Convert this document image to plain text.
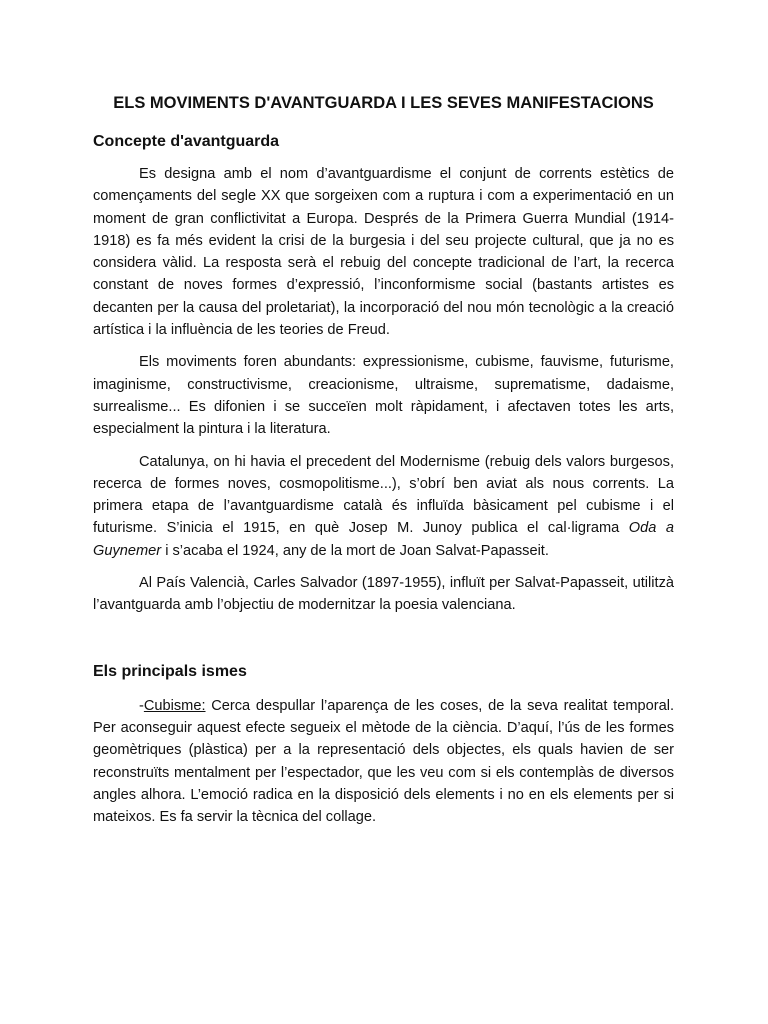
ELS MOVIMENTS D'AVANTGUARDA I LES SEVES MANIFESTACIONS
Concepte d'avantguarda

Es designa amb el nom d’avantguardisme el conjunt de corrents estètics de començaments del segle XX que sorgeixen com a ruptura i com a experimentació en un moment de gran conflictivitat a Europa. Després de la Primera Guerra Mundial (1914-1918) es fa més evident la crisi de la burgesia i del seu projecte cultural, que ja no es considera vàlid. La resposta serà el rebuig del concepte tradicional de l’art, la recerca constant de noves formes d’expressió, l’inconformisme social (bastants artistes es decanten per la causa del proletariat), la incorporació del nou món tecnològic a la creació artística i la influència de les teories de Freud.

Els moviments foren abundants: expressionisme, cubisme, fauvisme, futurisme, imaginisme, constructivisme, creacionisme, ultraisme, suprematisme, dadaisme, surrealisme... Es difonien i se succeïen molt ràpidament, i afectaven totes les arts, especialment la pintura i la literatura.

Catalunya, on hi havia el precedent del Modernisme (rebuig dels valors burgesos, recerca de formes noves, cosmopolitisme...), s’obrí ben aviat als nous corrents. La primera etapa de l’avantguardisme català és influïda bàsicament pel cubisme i el futurisme. S’inicia el 1915, en què Josep M. Junoy publica el cal·ligrama Oda a Guynemer i s’acaba el 1924, any de la mort de Joan Salvat-Papasseit.

Al País Valencià, Carles Salvador (1897-1955), influït per Salvat-Papasseit, utilitzà l’avantguarda amb l’objectiu de modernitzar la poesia valenciana.

Els principals ismes

-Cubisme: Cerca despullar l’aparença de les coses, de la seva realitat temporal. Per aconseguir aquest efecte segueix el mètode de la ciència. D’aquí, l’ús de les formes geomètriques (plàstica) per a la representació dels objectes, els quals havien de ser reconstruïts mentalment per l’espectador, que les veu com si els contemplàs de diversos angles alhora. L’emoció radica en la disposició dels elements i no en els elements per si mateixos. Es fa servir la tècnica del collage.
